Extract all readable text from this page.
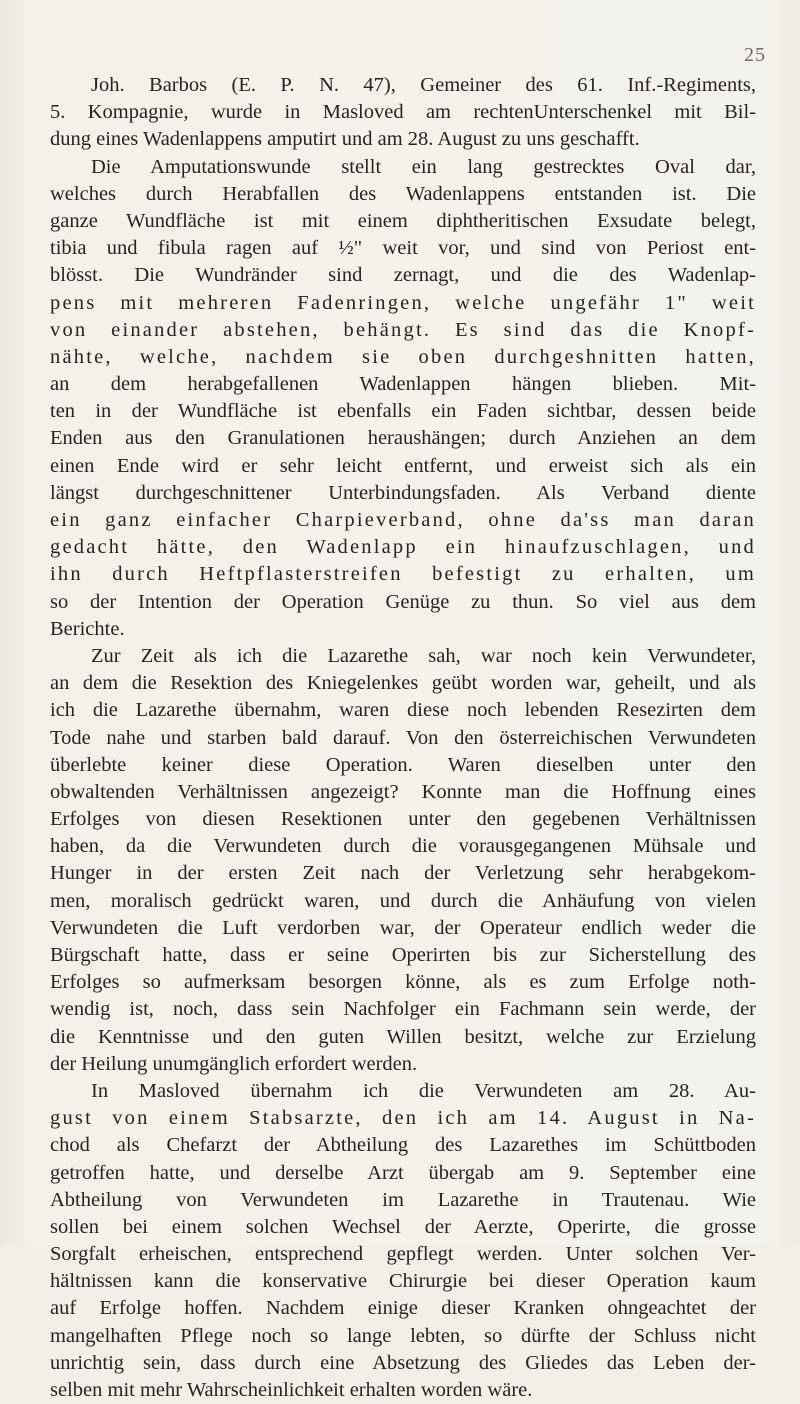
25
Joh. Barbos (E. P. N. 47), Gemeiner des 61. Inf.-Regiments,
5. Kompagnie, wurde in Masloved am rechtenUnterschenkel mit Bil-
dung eines Wadenlappens amputirt und am 28. August zu uns geschafft.
Die Amputationswunde stellt ein lang gestrecktes Oval dar,
welches durch Herabfallen des Wadenlappens entstanden ist. Die
ganze Wundfläche ist mit einem diphtheritischen Exsudate belegt,
tibia und fibula ragen auf ½" weit vor, und sind von Periost ent-
blösst. Die Wundränder sind zernagt, und die des Wadenlap-
pens mit mehreren Fadenringen, welche ungefähr 1" weit
von einander abstehen, behängt. Es sind das die Knopf-
nähte, welche, nachdem sie oben durchgeshnitten hatten,
an dem herabgefallenen Wadenlappen hängen blieben. Mit-
ten in der Wundfläche ist ebenfalls ein Faden sichtbar, dessen beide
Enden aus den Granulationen heraushängen; durch Anziehen an dem
einen Ende wird er sehr leicht entfernt, und erweist sich als ein
längst durchgeschnittener Unterbindungsfaden. Als Verband diente
ein ganz einfacher Charpieverband, ohne da'ss man daran
gedacht hätte, den Wadenlapp ein hinaufzuschlagen, und
ihn durch Heftpflasterstreifen befestigt zu erhalten, um
so der Intention der Operation Genüge zu thun. So viel aus dem
Berichte.
Zur Zeit als ich die Lazarethe sah, war noch kein Verwundeter,
an dem die Resektion des Kniegelenkes geübt worden war, geheilt, und als
ich die Lazarethe übernahm, waren diese noch lebenden Resezirten dem
Tode nahe und starben bald darauf. Von den österreichischen Verwundeten
überlebte keiner diese Operation. Waren dieselben unter den
obwaltenden Verhältnissen angezeigt? Konnte man die Hoffnung eines
Erfolges von diesen Resektionen unter den gegebenen Verhältnissen
haben, da die Verwundeten durch die vorausgegangenen Mühsale und
Hunger in der ersten Zeit nach der Verletzung sehr herabgekom-
men, moralisch gedrückt waren, und durch die Anhäufung von vielen
Verwundeten die Luft verdorben war, der Operateur endlich weder die
Bürgschaft hatte, dass er seine Operirten bis zur Sicherstellung des
Erfolges so aufmerksam besorgen könne, als es zum Erfolge noth-
wendig ist, noch, dass sein Nachfolger ein Fachmann sein werde, der
die Kenntnisse und den guten Willen besitzt, welche zur Erzielung
der Heilung unumgänglich erfordert werden.
In Masloved übernahm ich die Verwundeten am 28. Au-
gust von einem Stabsarzte, den ich am 14. August in Na-
chod als Chefarzt der Abtheilung des Lazarethes im Schüttboden
getroffen hatte, und derselbe Arzt übergab am 9. September eine
Abtheilung von Verwundeten im Lazarethe in Trautenau. Wie
sollen bei einem solchen Wechsel der Aerzte, Operirte, die grosse
Sorgfalt erheischen, entsprechend gepflegt werden. Unter solchen Ver-
hältnissen kann die konservative Chirurgie bei dieser Operation kaum
auf Erfolge hoffen. Nachdem einige dieser Kranken ohngeachtet der
mangelhaften Pflege noch so lange lebten, so dürfte der Schluss nicht
unrichtig sein, dass durch eine Absetzung des Gliedes das Leben der-
selben mit mehr Wahrscheinlichkeit erhalten worden wäre.
